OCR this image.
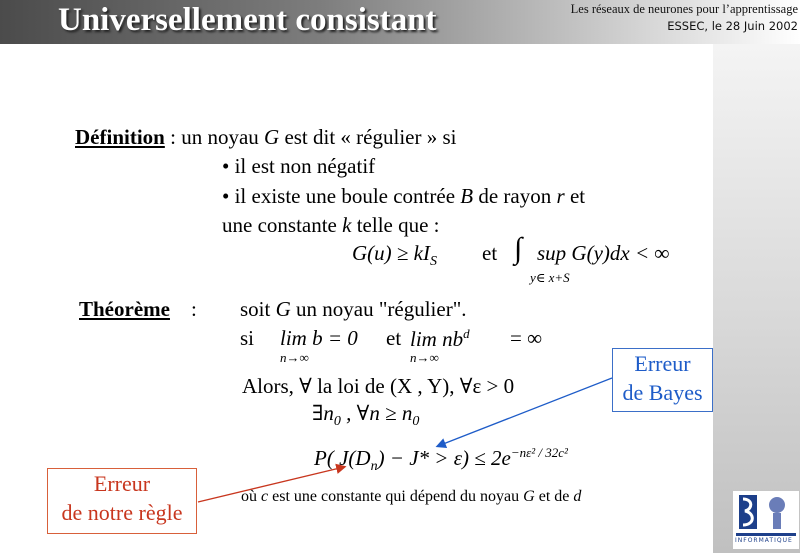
Universellement consistant	Les réseaux de neurones pour l’apprentissage
ESSEC, le 28 Juin 2002
Définition : un noyau G est dit « régulier » si
• il est non négatif
• il existe une boule contrée B de rayon r et
une constante k telle que :
$G(u) \ge kI_S$ et ∫ sup G(y)dx < ∞
y∈ x+S
Théorème : soit G un noyau "régulier".
si lim b = 0
n→∞
et $\lim nb^d$ = ∞
n→∞
Alors, ∀ la loi de (X , Y), ∀ε > 0
$\exists n_0$ , ∀n ≥ $n_0$
P( $J(D_n) - J* > \varepsilon) \le 2e^{-n\varepsilon^2 / 32c^2}$
où c est une constante qui dépend du noyau G et de d
Erreur
de Bayes
Erreur
de notre règle
INFORMATIQUE
